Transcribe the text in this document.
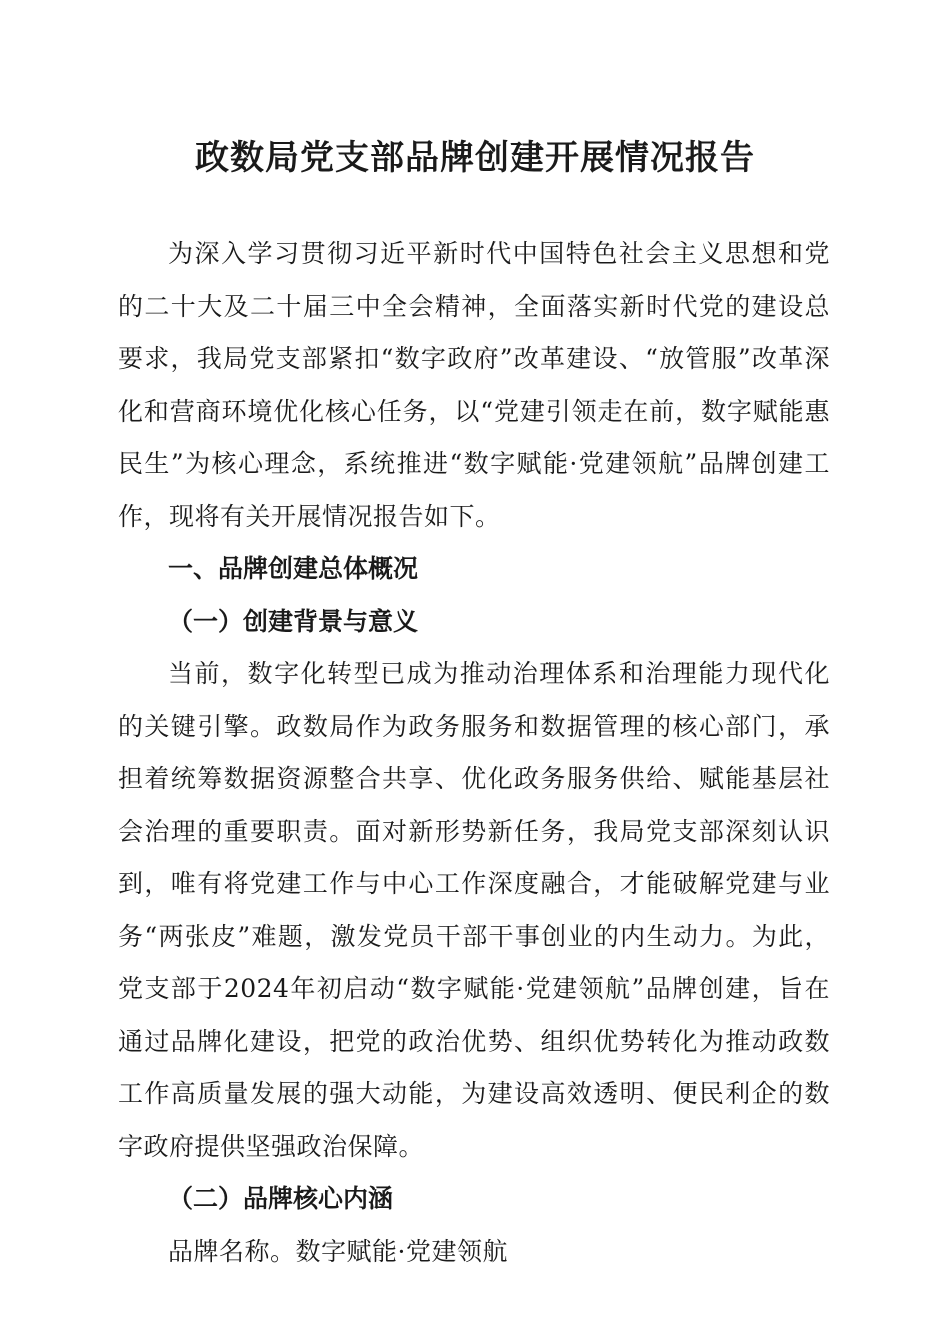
政数局党支部品牌创建开展情况报告

为深入学习贯彻习近平新时代中国特色社会主义思想和党的二十大及二十届三中全会精神，全面落实新时代党的建设总要求，我局党支部紧扣“数字政府”改革建设、“放管服”改革深化和营商环境优化核心任务，以“党建引领走在前，数字赋能惠民生”为核心理念，系统推进“数字赋能·党建领航”品牌创建工作，现将有关开展情况报告如下。

一、品牌创建总体概况

（一）创建背景与意义

当前，数字化转型已成为推动治理体系和治理能力现代化的关键引擎。政数局作为政务服务和数据管理的核心部门，承担着统筹数据资源整合共享、优化政务服务供给、赋能基层社会治理的重要职责。面对新形势新任务，我局党支部深刻认识到，唯有将党建工作与中心工作深度融合，才能破解党建与业务“两张皮”难题，激发党员干部干事创业的内生动力。为此，党支部于2024年初启动“数字赋能·党建领航”品牌创建，旨在通过品牌化建设，把党的政治优势、组织优势转化为推动政数工作高质量发展的强大动能，为建设高效透明、便民利企的数字政府提供坚强政治保障。

（二）品牌核心内涵

品牌名称。数字赋能·党建领航
